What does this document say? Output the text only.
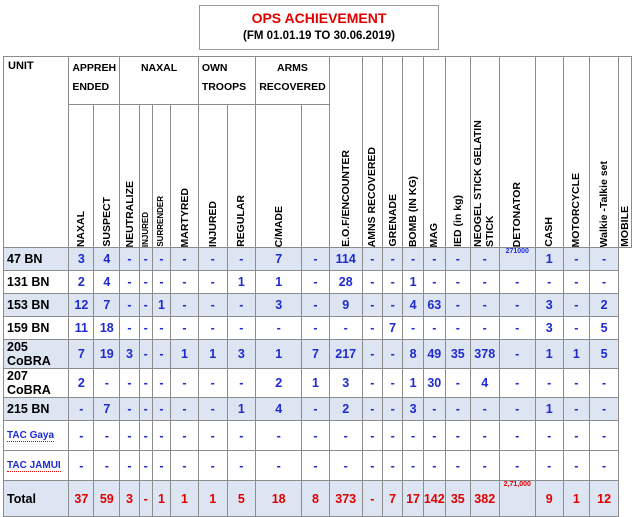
OPS ACHIEVEMENT
(FM 01.01.19 TO 30.06.2019)
UNIT	APPREH ENDED		NAXAL				OWN TROOPS		ARMS RECOVERED		E.O.F/ENCOUNTER	AMNS RECOVERED	GRENADE	BOMB (IN KG)	MAG	IED (in kg)	NEOGEL STICK GELATIN STICK	DETONATOR	CASH	MOTORCYCLE	Walkie -Talkie set	MOBILE

	NAXAL	SUSPECT	NEUTRALIZE	INJURED	SURRENDER	MARTYRED	INJURED	REGULAR	C/MADE													

47 BN	3	4	-	-	-	-	-	-	7	-	114	-	-	-	-	-	-	271000	1	-	-	
131 BN	2	4	-	-	-	-	-	1	1	-	28	-	-	1	-	-	-	-	-	-	-	
153 BN	12	7	-	-	1	-	-	-	3	-	9	-	-	4	63	-	-	-	3	-	2	
159 BN	11	18	-	-	-	-	-	-	-	-	-	-	7	-	-	-	-	-	3	-	5	
205 CoBRA	7	19	3	-	-	1	1	3	1	7	217	-	-	8	49	35	378	-	1	1	5	
207 CoBRA	2	-	-	-	-	-	-	-	2	1	3	-	-	1	30	-	4	-	-	-	-	
215 BN	-	7	-	-	-	-	-	1	4	-	2	-	-	3	-	-	-	-	1	-	-	
TAC Gaya	-	-	-	-	-	-	-	-	-	-	-	-	-	-	-	-	-	-	-	-	-	
TAC JAMUI	-	-	-	-	-	-	-	-	-	-	-	-	-	-	-	-	-	-	-	-	-	
Total	37	59	3	-	1	1	1	5	18	8	373	-	7	17	142	35	382	2,71,000	9	1	12	
